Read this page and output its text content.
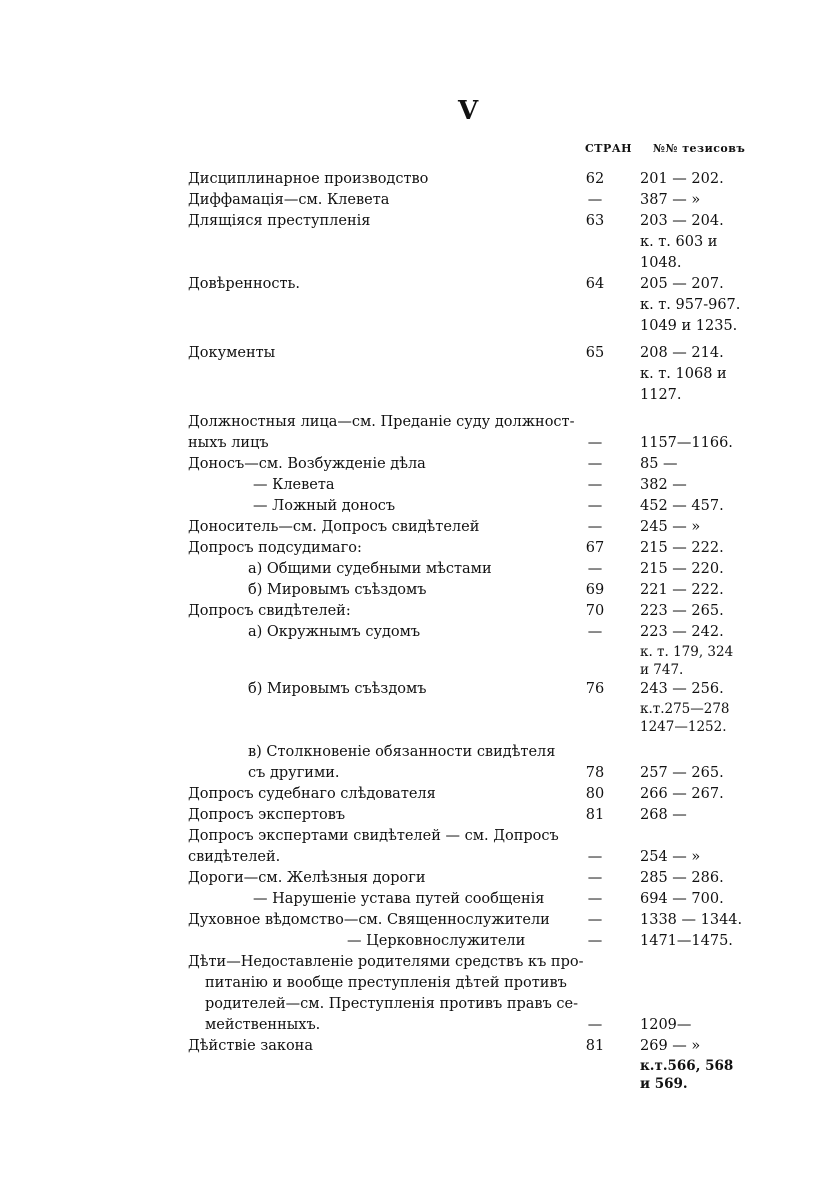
V
СТРАН №№ тезисовъ
Дисциплинарное производство	62	201 — 202.
Диффамація—см. Клевета	—	387 — »
Длящіяся преступленія	63	203 — 204.
к. т. 603 и
1048.
Довѣренность.	64	205 — 207.
к. т. 957-967.
1049 и 1235.
Документы	65	208 — 214.
к. т. 1068 и
1127.
Должностныя лица—см. Преданіе суду должност-
ныхъ лицъ	—	1157—1166.
Доносъ—см. Возбужденіе дѣла	—	85 —
— Клевета	—	382 —
— Ложный доносъ	—	452 — 457.
Доноситель—см. Допросъ свидѣтелей	—	245 — »
Допросъ подсудимаго:	67	215 — 222.
а) Общими судебными мѣстами	—	215 — 220.
б) Мировымъ съѣздомъ	69	221 — 222.
Допросъ свидѣтелей:	70	223 — 265.
а) Окружнымъ судомъ	—	223 — 242.
к. т. 179, 324
и 747.
б) Мировымъ съѣздомъ	76	243 — 256.
к.т.275—278
1247—1252.
в) Столкновеніе обязанности свидѣтеля
съ другими.	78	257 — 265.
Допросъ судебнаго слѣдователя	80	266 — 267.
Допросъ экспертовъ	81	268 —
Допросъ экспертами свидѣтелей — см. Допросъ
свидѣтелей.	—	254 — »
Дороги—см. Желѣзныя дороги	—	285 — 286.
— Нарушеніе устава путей сообщенія	—	694 — 700.
Духовное вѣдомство—см. Священнослужители	—	1338 — 1344.
— Церковнослужители	—	1471—1475.
Дѣти—Недоставленіе родителями средствъ къ про-
питанію и вообще преступленія дѣтей противъ
родителей—см. Преступленія противъ правъ се-
мейственныхъ.	—	1209—
Дѣйствіе закона	81	269 — »
к.т.566, 568
и 569.
